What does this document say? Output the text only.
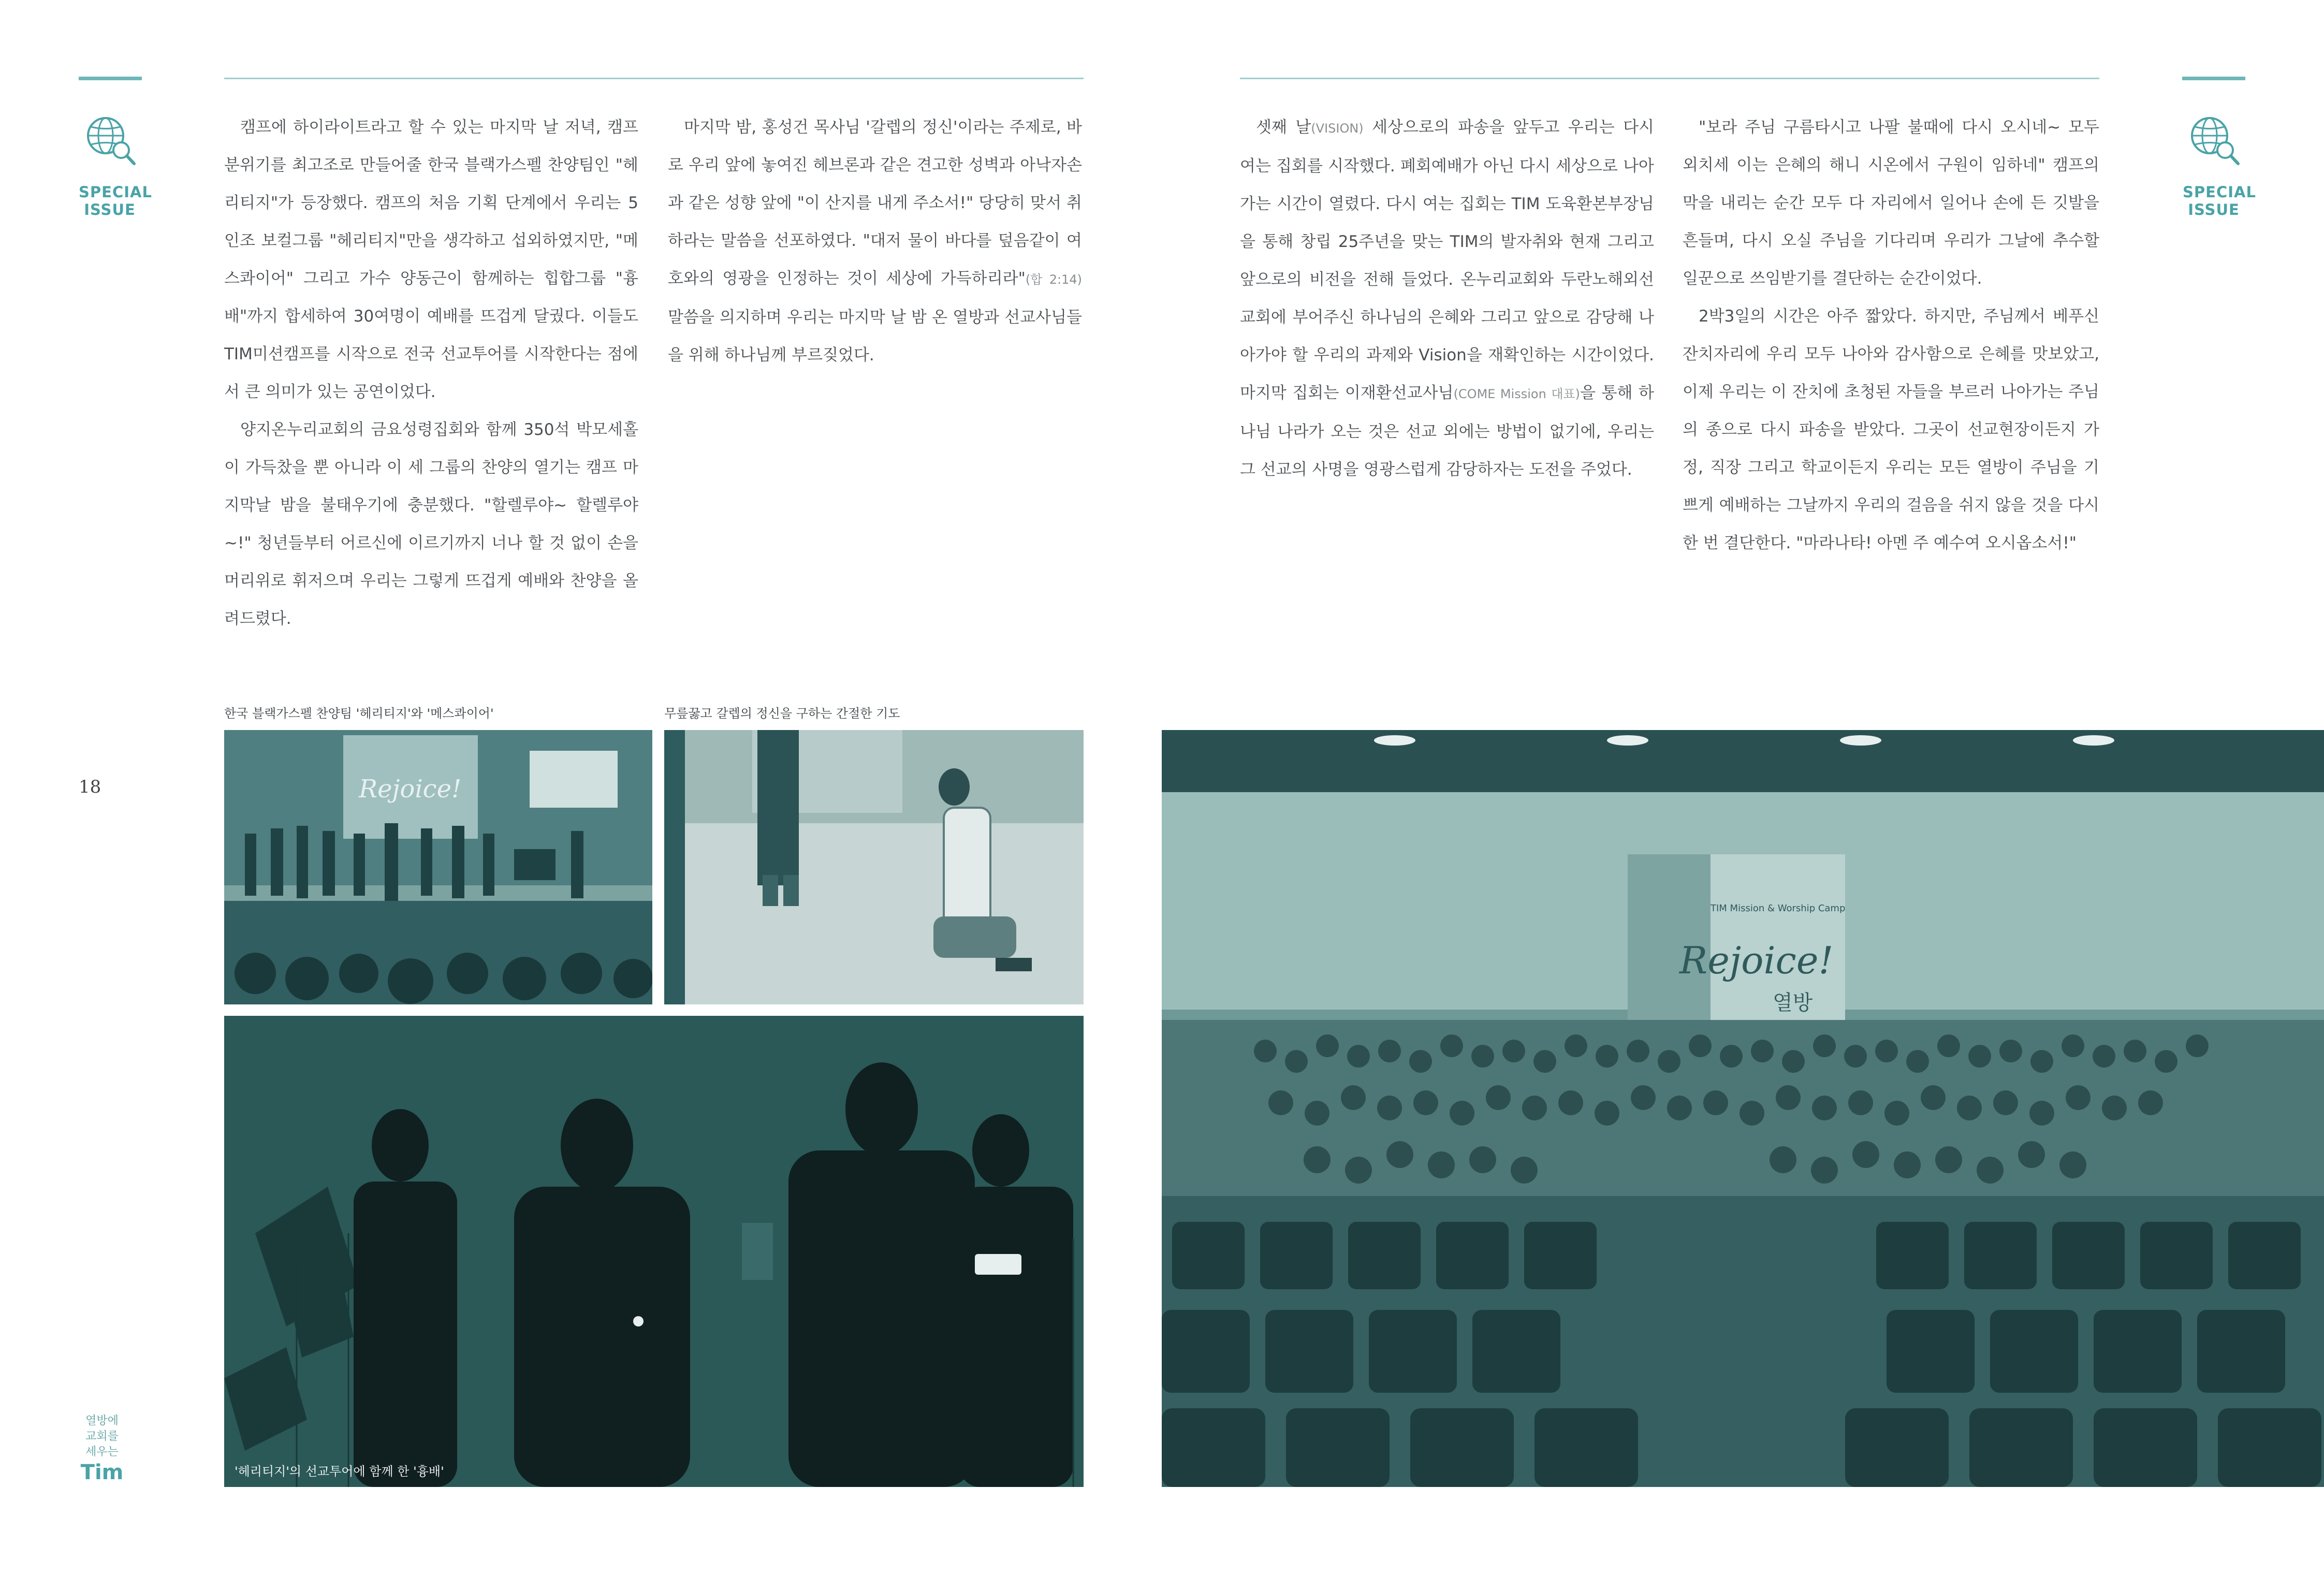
SPECIAL
ISSUE

캠프에 하이라이트라고 할 수 있는 마지막 날 저녁, 캠프 분위기를 최고조로 만들어줄 한국 블랙가스펠 찬양팀인 "헤리티지"가 등장했다. 캠프의 처음 기획 단계에서 우리는 5인조 보컬그룹 "헤리티지"만을 생각하고 섭외하였지만, "메스콰이어" 그리고 가수 양동근이 함께하는 힙합그룹 "흉배"까지 합세하여 30여명이 예배를 뜨겁게 달궜다. 이들도 TIM미션캠프를 시작으로 전국 선교투어를 시작한다는 점에서 큰 의미가 있는 공연이었다.

양지온누리교회의 금요성령집회와 함께 350석 박모세홀이 가득찼을 뿐 아니라 이 세 그룹의 찬양의 열기는 캠프 마지막날 밤을 불태우기에 충분했다. "할렐루야~ 할렐루야~!" 청년들부터 어르신에 이르기까지 너나 할 것 없이 손을 머리위로 휘저으며 우리는 그렇게 뜨겁게 예배와 찬양을 올려드렸다.

마지막 밤, 홍성건 목사님 '갈렙의 정신'이라는 주제로, 바로 우리 앞에 놓여진 헤브론과 같은 견고한 성벽과 아낙자손과 같은 성향 앞에 "이 산지를 내게 주소서!" 당당히 맞서 취하라는 말씀을 선포하였다. "대저 물이 바다를 덮음같이 여호와의 영광을 인정하는 것이 세상에 가득하리라"(합 2:14) 말씀을 의지하며 우리는 마지막 날 밤 온 열방과 선교사님들을 위해 하나님께 부르짖었다.

한국 블랙가스펠 찬양팀 '헤리티지'와 '메스콰이어'	무릎꿇고 갈렙의 정신을 구하는 간절한 기도
18	Rejoice!
'헤리티지'의 선교투어에 함께 한 '흉배'
열방에
교회를
세우는
Tim
SPECIAL
ISSUE

셋째 날(VISION) 세상으로의 파송을 앞두고 우리는 다시 여는 집회를 시작했다. 폐회예배가 아닌 다시 세상으로 나아가는 시간이 열렸다. 다시 여는 집회는 TIM 도육환본부장님을 통해 창립 25주년을 맞는 TIM의 발자취와 현재 그리고 앞으로의 비전을 전해 들었다. 온누리교회와 두란노해외선교회에 부어주신 하나님의 은혜와 그리고 앞으로 감당해 나아가야 할 우리의 과제와 Vision을 재확인하는 시간이었다. 마지막 집회는 이재환선교사님(COME Mission 대표)을 통해 하나님 나라가 오는 것은 선교 외에는 방법이 없기에, 우리는 그 선교의 사명을 영광스럽게 감당하자는 도전을 주었다.

"보라 주님 구름타시고 나팔 불때에 다시 오시네~ 모두 외치세 이는 은혜의 해니 시온에서 구원이 임하네" 캠프의 막을 내리는 순간 모두 다 자리에서 일어나 손에 든 깃발을 흔들며, 다시 오실 주님을 기다리며 우리가 그날에 추수할 일꾼으로 쓰임받기를 결단하는 순간이었다.

2박3일의 시간은 아주 짧았다. 하지만, 주님께서 베푸신 잔치자리에 우리 모두 나아와 감사함으로 은혜를 맛보았고, 이제 우리는 이 잔치에 초청된 자들을 부르러 나아가는 주님의 종으로 다시 파송을 받았다. 그곳이 선교현장이든지 가정, 직장 그리고 학교이든지 우리는 모든 열방이 주님을 기쁘게 예배하는 그날까지 우리의 걸음을 쉬지 않을 것을 다시 한 번 결단한다. "마라나타! 아멘 주 예수여 오시옵소서!"

Rejoice!
TIM Mission & Worship Camp
열방
